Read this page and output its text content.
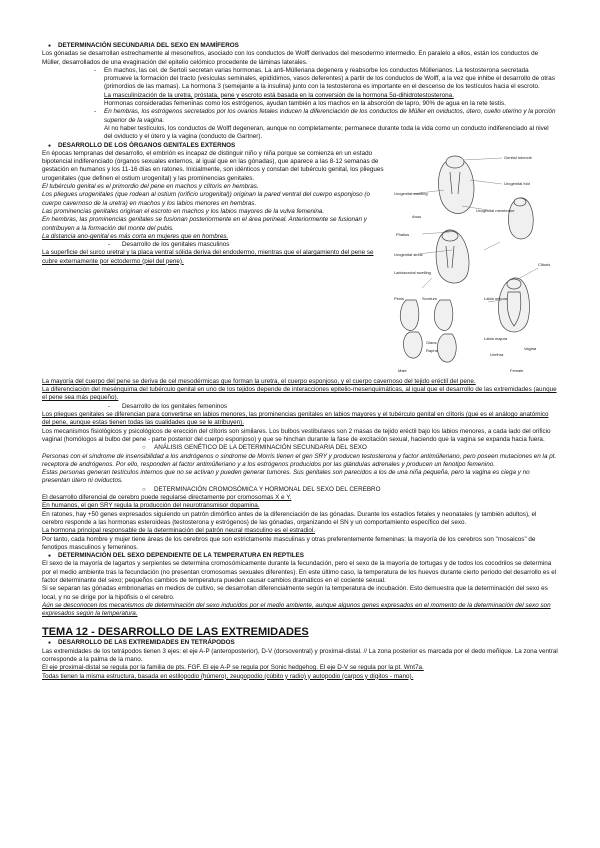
● DETERMINACIÓN SECUNDARIA DEL SEXO EN MAMÍFEROS

Los gónadas se desarrollan estrechamente al mesonefros, asociado con los conductos de Wolff derivados del mesodermo intermedio. En paralelo a ellos, están los conductos de Müller, desarrollados de una evaginación del epitelio celómico procedente de láminas laterales.

- En machos, las cel. de Sertoli secretan varias hormonas. La anti-Mülleriana degenera y reabsorbe los conductos Müllerianos. La testosterona secretada promueve la formación del tracto (vesículas seminales, epidídimos, vasos deferentes) a partir de los conductos de Wolff, a la vez que inhibe el desarrollo de otras (primordios de las mamas). La hormona 3 (semejante a la insulina) junto con la testosterona es importante en el descenso de los testículos hacia el escroto.

La masculinización de la uretra, próstata, pene y escroto está basada en la conversión de la hormona 5α-dihidrotestosterona.

Hormonas consideradas femeninas como los estrógenos, ayudan también a los machos en la absorción de lapro, 90% de agua en la rete testis.

- En hembras, los estrógenos secretados por los ovarios fetales inducen la diferenciación de los conductos de Müller en oviductos, útero, cuello uterino y la porción superior de la vagina.

Al no haber testículos, los conductos de Wolff degeneran, aunque no completamente; permanece durante toda la vida como un conducto indiferenciado al nivel del oviducto y el útero y la vagina (conducto de Gartner).

● DESARROLLO DE LOS ÓRGANOS GENITALES EXTERNOS

En épocas tempranas del desarrollo, el embrión es incapaz de distinguir niño y niña porque se comienza en un estado bipotencial indiferenciado (órganos sexuales externos, al igual que en las gónadas), que aparece a las 8-12 semanas de gestación en humanos y los 11-16 días en ratones. Inicialmente, son idénticos y constan del tubérculo genital, los pliegues urogenitales (que definen el ostium urogenital) y las prominencias genitales.

El tubérculo genital es el primordio del pene en machos y clítoris en hembras.

Los pliegues urogenitales (que rodean al ostium (orificio urogenital)) originan la pared ventral del cuerpo esponjoso (o cuerpo cavernoso de la uretra) en machos y los labios menores en hembras.

Las prominencias genitales originan el escroto en machos y los labios mayores de la vulva femenina.

En hembras, las prominencias genitales se fusionan posteriormente en el área perineal. Anteriormente se fusionan y contribuyen a la formación del monte del pubis.

La distancia ano-genital es más corta en mujeres que en hombres.

- Desarrollo de los genitales masculinos

La superficie del surco uretral y la placa ventral sólida deriva del endodermo, mientras que el alargamiento del pene se cubre externamente por ectodermo (piel del pene).

Genital tubercle
Urogenital fold
Urogenital swelling
Urogenital membrane
Anus
Phallus
Urogenital sinus
Labioscrotal swelling
Penis	Scrotum
Clitoris
Labia minora
Labia majora
Glans
Raphe
Urethra
Vagina
Male	Female

La mayoría del cuerpo del pene se deriva de cel mesodérmicas que forman la uretra, el cuerpo esponjoso, y el cuerpo cavernoso del tejido eréctil del pene.

La diferenciación del mesénquima del tubérculo genital en uno de los tejidos depende de interacciones epitelio-mesenquimáticas, al igual que el desarrollo de las extremidades (aunque el pene sea más pequeño).

- Desarrollo de los genitales femeninos

Los pliegues genitales se diferencian para convertirse en labios menores, las prominencias genitales en labios mayores y el tubérculo genital en clítoris (que es el análogo anatómico del pene, aunque estas tienen todas las cualidades que se le atribuyen).

Los mecanismos fisiológicos y psicológicos de erección del clítoris son similares. Los bulbos vestibulares son 2 masas de tejido eréctil bajo los labios menores, a cada lado del orificio vaginal (homólogos al bulbo del pene - parte posterior del cuerpo esponjoso) y que se hinchan durante la fase de excitación sexual, haciendo que la vagina se expanda hacia fuera.

○ ANÁLISIS GENÉTICO DE LA DETERMINACIÓN SECUNDARIA DEL SEXO

Personas con el síndrome de insensibilidad a los andrógenos o síndrome de Morris tienen el gen SRY y producen testosterona y factor antimülleriano, pero poseen mutaciones en la pt. receptora de andrógenos. Por ello, responden al factor antimülleriano y a los estrógenos producidos por las glándulas adrenales y producen un fenotipo femenino.

Estas personas generan testículos internos que no se activan y pueden generar tumores. Sus genitales son parecidos a los de una niña pequeña, pero la vagina es ciega y no presentan útero ni oviductos.

○ DETERMINACIÓN CROMOSÓMICA Y HORMONAL DEL SEXO DEL CEREBRO

El desarrollo diferencial de cerebro puede regularse directamente por cromosomas X e Y.

En humanos, el gen SRY regula la producción del neurotransmisor dopamina.

En ratones, hay +50 genes expresados siguiendo un patrón dimórfico antes de la diferenciación de las gónadas. Durante los estadíos fetales y neonatales (y también adultos), el cerebro responde a las hormonas esteroideas (testosterona y estrógenos) de las gónadas, organizando el SN y un comportamiento específico del sexo.

La hormona principal responsable de la determinación del patrón neural masculino es el estradiol.

Por tanto, cada hombre y mujer tiene áreas de los cerebros que son estrictamente masculinas y otras preferentemente femeninas: la mayoría de los cerebros son "mosaicos" de fenotipos masculinos y femeninos.

● DETERMINACIÓN DEL SEXO DEPENDIENTE DE LA TEMPERATURA EN REPTILES

El sexo de la mayoría de lagartos y serpientes se determina cromosómicamente durante la fecundación, pero el sexo de la mayoría de tortugas y de todos los cocodrilos se determina por el medio ambiente tras la fecundación (no presentan cromosomas sexuales diferentes). En este último caso, la temperatura de los huevos durante cierto periodo del desarrollo es el factor determinante del sexo; pequeños cambios de temperatura pueden causar cambios dramáticos en el cociente sexual.

Si se separan las gónadas embrionarias en medios de cultivo, se desarrollan diferencialmente según la temperatura de incubación. Esto demuestra que la determinación del sexo es local, y no se dirige por la hipófisis o el cerebro.

Aún se desconocen los mecanismos de determinación del sexo inducidos por el medio ambiente, aunque algunos genes expresados en el momento de la determinación del sexo son expresados según la temperatura.

TEMA 12 - DESARROLLO DE LAS EXTREMIDADES

● DESARROLLO DE LAS EXTREMIDADES EN TETRÁPODOS

Las extremidades de los tetrápodos tienen 3 ejes: el eje A-P (anteroposterior), D-V (dorsoventral) y proximal-distal. // La zona posterior es marcada por el dedo meñique. La zona ventral corresponde a la palma de la mano.

El eje proximal-distal se regula por la familia de pts. FGF. El eje A-P se regula por Sonic hedgehog. El eje D-V se regula por la pt. Wnt7a.

Todas tienen la misma estructura, basada en estilopodio (húmero), zeugopodio (cúbito y radio) y autopodio (carpos y dígitos - mano).
